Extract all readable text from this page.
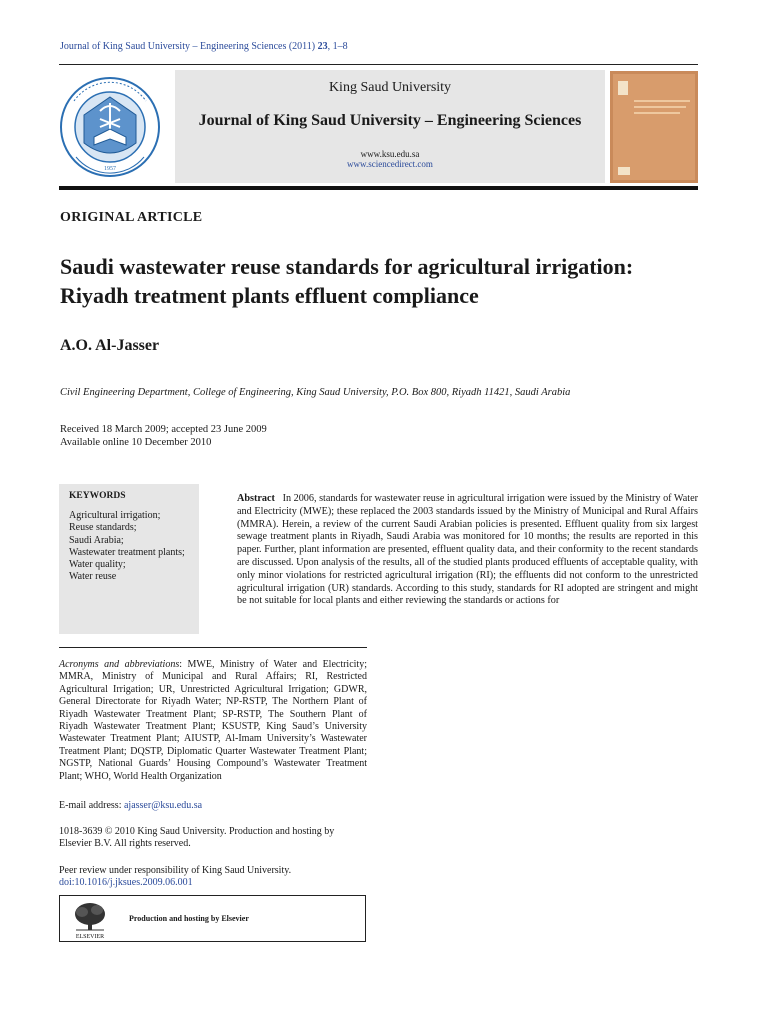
Journal of King Saud University – Engineering Sciences (2011) 23, 1–8
1957
King Saud University
Journal of King Saud University – Engineering Sciences
www.ksu.edu.sa
www.sciencedirect.com
ORIGINAL ARTICLE
Saudi wastewater reuse standards for agricultural irrigation:
Riyadh treatment plants effluent compliance
A.O. Al-Jasser
Civil Engineering Department, College of Engineering, King Saud University, P.O. Box 800, Riyadh 11421, Saudi Arabia
Received 18 March 2009; accepted 23 June 2009
Available online 10 December 2010
KEYWORDS
Agricultural irrigation;
Reuse standards;
Saudi Arabia;
Wastewater treatment plants;
Water quality;
Water reuse
Abstract In 2006, standards for wastewater reuse in agricultural irrigation were issued by the Ministry of Water and Electricity (MWE); these replaced the 2003 standards issued by the Ministry of Municipal and Rural Affairs (MMRA). Herein, a review of the current Saudi Arabian policies is presented. Effluent quality from six largest sewage treatment plants in Riyadh, Saudi Arabia was monitored for 10 months; the results are reported in this paper. Further, plant information are presented, effluent quality data, and their conformity to the recent standards are discussed. Upon analysis of the results, all of the studied plants produced effluents of acceptable quality, with only minor violations for restricted agricultural irrigation (RI); the effluents did not conform to the unrestricted agricultural irrigation (UR) standards. According to this study, standards for RI adopted are stringent and might be not suitable for local plants and either reviewing the standards or actions for
Acronyms and abbreviations: MWE, Ministry of Water and Electricity; MMRA, Ministry of Municipal and Rural Affairs; RI, Restricted Agricultural Irrigation; UR, Unrestricted Agricultural Irrigation; GDWR, General Directorate for Riyadh Water; NP-RSTP, The Northern Plant of Riyadh Wastewater Treatment Plant; SP-RSTP, The Southern Plant of Riyadh Wastewater Treatment Plant; KSUSTP, King Saud’s University Wastewater Treatment Plant; AIUSTP, Al-Imam University’s Wastewater Treatment Plant; DQSTP, Diplomatic Quarter Wastewater Treatment Plant; NGSTP, National Guards’ Housing Compound’s Wastewater Treatment Plant; WHO, World Health Organization
E-mail address: ajasser@ksu.edu.sa
1018-3639 © 2010 King Saud University. Production and hosting by Elsevier B.V. All rights reserved.
Peer review under responsibility of King Saud University.
doi:10.1016/j.jksues.2009.06.001
ELSEVIER
Production and hosting by Elsevier
